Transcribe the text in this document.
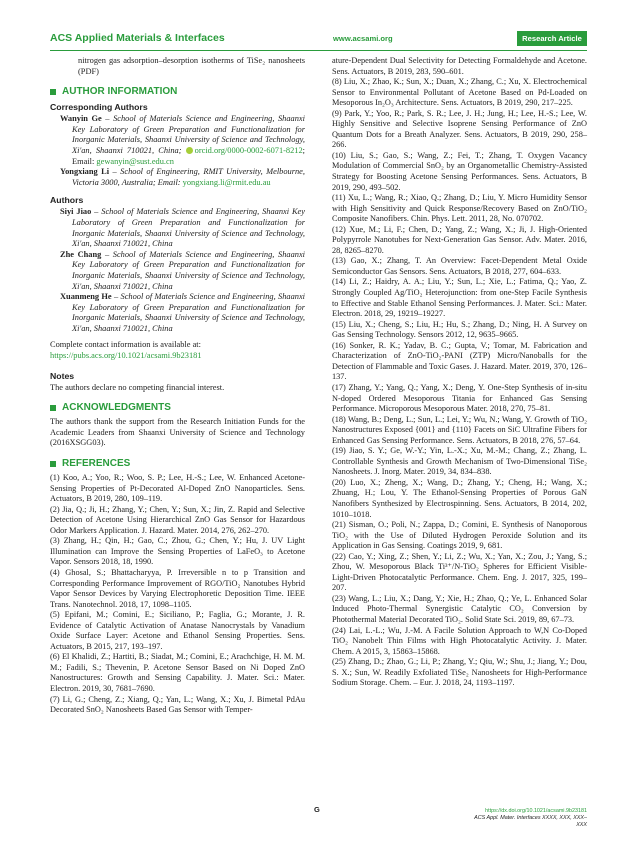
ACS Applied Materials & Interfaces	www.acsami.org	Research Article

nitrogen gas adsorption–desorption isotherms of TiSe₂ nanosheets (PDF)

AUTHOR INFORMATION
Corresponding Authors

Wanyin Ge – School of Materials Science and Engineering, Shaanxi Key Laboratory of Green Preparation and Functionalization for Inorganic Materials, Shaanxi University of Science and Technology, Xi'an, Shaanxi 710021, China; orcid.org/0000-0002-6071-8212; Email: gewanyin@sust.edu.cn

Yongxiang Li – School of Engineering, RMIT University, Melbourne, Victoria 3000, Australia; Email: yongxiang.li@rmit.edu.au

Authors

Siyi Jiao – School of Materials Science and Engineering, Shaanxi Key Laboratory of Green Preparation and Functionalization for Inorganic Materials, Shaanxi University of Science and Technology, Xi'an, Shaanxi 710021, China

Zhe Chang – School of Materials Science and Engineering, Shaanxi Key Laboratory of Green Preparation and Functionalization for Inorganic Materials, Shaanxi University of Science and Technology, Xi'an, Shaanxi 710021, China

Xuanmeng He – School of Materials Science and Engineering, Shaanxi Key Laboratory of Green Preparation and Functionalization for Inorganic Materials, Shaanxi University of Science and Technology, Xi'an, Shaanxi 710021, China

Complete contact information is available at:
https://pubs.acs.org/10.1021/acsami.9b23181

Notes

The authors declare no competing financial interest.

ACKNOWLEDGMENTS

The authors thank the support from the Research Initiation Funds for the Academic Leaders from Shaanxi University of Science and Technology (2016XSGG03).

REFERENCES

(1) Koo, A.; Yoo, R.; Woo, S. P.; Lee, H.-S.; Lee, W. Enhanced Acetone-Sensing Properties of Pt-Decorated Al-Doped ZnO Nanoparticles. Sens. Actuators, B 2019, 280, 109–119.

(2) Jia, Q.; Ji, H.; Zhang, Y.; Chen, Y.; Sun, X.; Jin, Z. Rapid and Selective Detection of Acetone Using Hierarchical ZnO Gas Sensor for Hazardous Odor Markers Application. J. Hazard. Mater. 2014, 276, 262–270.

(3) Zhang, H.; Qin, H.; Gao, C.; Zhou, G.; Chen, Y.; Hu, J. UV Light Illumination can Improve the Sensing Properties of LaFeO₃ to Acetone Vapor. Sensors 2018, 18, 1990.

(4) Ghosal, S.; Bhattacharyya, P. Irreversible n to p Transition and Corresponding Performance Improvement of RGO/TiO₂ Nanotubes Hybrid Vapor Sensor Devices by Varying Electrophoretic Deposition Time. IEEE Trans. Nanotechnol. 2018, 17, 1098–1105.

(5) Epifani, M.; Comini, E.; Siciliano, P.; Faglia, G.; Morante, J. R. Evidence of Catalytic Activation of Anatase Nanocrystals by Vanadium Oxide Surface Layer: Acetone and Ethanol Sensing Properties. Sens. Actuators, B 2015, 217, 193–197.

(6) El Khalidi, Z.; Hartiti, B.; Siadat, M.; Comini, E.; Arachchige, H. M. M. M.; Fadili, S.; Thevenin, P. Acetone Sensor Based on Ni Doped ZnO Nanostructures: Growth and Sensing Capability. J. Mater. Sci.: Mater. Electron. 2019, 30, 7681–7690.

(7) Li, G.; Cheng, Z.; Xiang, Q.; Yan, L.; Wang, X.; Xu, J. Bimetal PdAu Decorated SnO₂ Nanosheets Based Gas Sensor with Temper-

ature-Dependent Dual Selectivity for Detecting Formaldehyde and Acetone. Sens. Actuators, B 2019, 283, 590–601.

(8) Liu, X.; Zhao, K.; Sun, X.; Duan, X.; Zhang, C.; Xu, X. Electrochemical Sensor to Environmental Pollutant of Acetone Based on Pd-Loaded on Mesoporous In₂O₃ Architecture. Sens. Actuators, B 2019, 290, 217–225.

(9) Park, Y.; Yoo, R.; Park, S. R.; Lee, J. H.; Jung, H.; Lee, H.-S.; Lee, W. Highly Sensitive and Selective Isoprene Sensing Performance of ZnO Quantum Dots for a Breath Analyzer. Sens. Actuators, B 2019, 290, 258–266.

(10) Liu, S.; Gao, S.; Wang, Z.; Fei, T.; Zhang, T. Oxygen Vacancy Modulation of Commercial SnO₂ by an Organometallic Chemistry-Assisted Strategy for Boosting Acetone Sensing Performances. Sens. Actuators, B 2019, 290, 493–502.

(11) Xu, L.; Wang, R.; Xiao, Q.; Zhang, D.; Liu, Y. Micro Humidity Sensor with High Sensitivity and Quick Response/Recovery Based on ZnO/TiO₂ Composite Nanofibers. Chin. Phys. Lett. 2011, 28, No. 070702.

(12) Xue, M.; Li, F.; Chen, D.; Yang, Z.; Wang, X.; Ji, J. High-Oriented Polypyrrole Nanotubes for Next-Generation Gas Sensor. Adv. Mater. 2016, 28, 8265–8270.

(13) Gao, X.; Zhang, T. An Overview: Facet-Dependent Metal Oxide Semiconductor Gas Sensors. Sens. Actuators, B 2018, 277, 604–633.

(14) Li, Z.; Haidry, A. A.; Liu, Y.; Sun, L.; Xie, L.; Fatima, Q.; Yao, Z. Strongly Coupled Ag/TiO₂ Heterojunction: from one-Step Facile Synthesis to Effective and Stable Ethanol Sensing Performances. J. Mater. Sci.: Mater. Electron. 2018, 29, 19219–19227.

(15) Liu, X.; Cheng, S.; Liu, H.; Hu, S.; Zhang, D.; Ning, H. A Survey on Gas Sensing Technology. Sensors 2012, 12, 9635–9665.

(16) Sonker, R. K.; Yadav, B. C.; Gupta, V.; Tomar, M. Fabrication and Characterization of ZnO-TiO₂-PANI (ZTP) Micro/Nanoballs for the Detection of Flammable and Toxic Gases. J. Hazard. Mater. 2019, 370, 126–137.

(17) Zhang, Y.; Yang, Q.; Yang, X.; Deng, Y. One-Step Synthesis of in-situ N-doped Ordered Mesoporous Titania for Enhanced Gas Sensing Performance. Microporous Mesoporous Mater. 2018, 270, 75–81.

(18) Wang, B.; Deng, L.; Sun, L.; Lei, Y.; Wu, N.; Wang, Y. Growth of TiO₂ Nanostructures Exposed {001} and {110} Facets on SiC Ultrafine Fibers for Enhanced Gas Sensing Performance. Sens. Actuators, B 2018, 276, 57–64.

(19) Jiao, S. Y.; Ge, W.-Y.; Yin, L.-X.; Xu, M.-M.; Chang, Z.; Zhang, L. Controllable Synthesis and Growth Mechanism of Two-Dimensional TiSe₂ Nanosheets. J. Inorg. Mater. 2019, 34, 834–838.

(20) Luo, X.; Zheng, X.; Wang, D.; Zhang, Y.; Cheng, H.; Wang, X.; Zhuang, H.; Lou, Y. The Ethanol-Sensing Properties of Porous GaN Nanofibers Synthesized by Electrospinning. Sens. Actuators, B 2014, 202, 1010–1018.

(21) Sisman, O.; Poli, N.; Zappa, D.; Comini, E. Synthesis of Nanoporous TiO₂ with the Use of Diluted Hydrogen Peroxide Solution and its Application in Gas Sensing. Coatings 2019, 9, 681.

(22) Cao, Y.; Xing, Z.; Shen, Y.; Li, Z.; Wu, X.; Yan, X.; Zou, J.; Yang, S.; Zhou, W. Mesoporous Black Ti³⁺/N-TiO₂ Spheres for Efficient Visible-Light-Driven Photocatalytic Performance. Chem. Eng. J. 2017, 325, 199–207.

(23) Wang, L.; Liu, X.; Dang, Y.; Xie, H.; Zhao, Q.; Ye, L. Enhanced Solar Induced Photo-Thermal Synergistic Catalytic CO₂ Conversion by Photothermal Material Decorated TiO₂. Solid State Sci. 2019, 89, 67–73.

(24) Lai, L.-L.; Wu, J.-M. A Facile Solution Approach to W,N Co-Doped TiO₂ Nanobelt Thin Films with High Photocatalytic Activity. J. Mater. Chem. A 2015, 3, 15863–15868.

(25) Zhang, D.; Zhao, G.; Li, P.; Zhang, Y.; Qiu, W.; Shu, J.; Jiang, Y.; Dou, S. X.; Sun, W. Readily Exfoliated TiSe₂ Nanosheets for High-Performance Sodium Storage. Chem. – Eur. J. 2018, 24, 1193–1197.

G	https://dx.doi.org/10.1021/acsami.9b23181
ACS Appl. Mater. Interfaces XXXX, XXX, XXX–XXX
